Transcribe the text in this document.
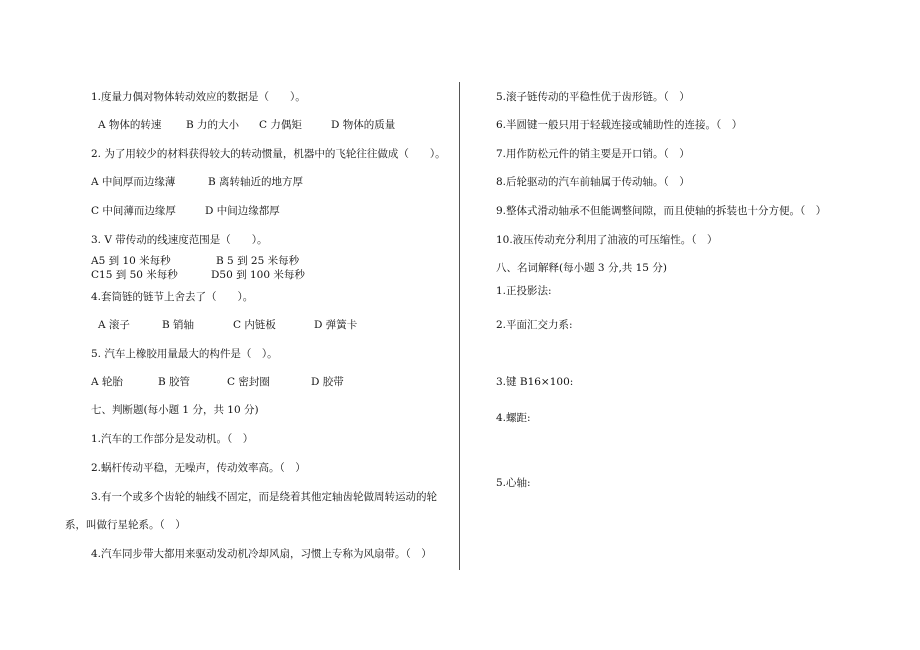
1.度量力偶对物体转动效应的数据是（　　）。
A 物体的转速 B 力的大小 C 力偶矩	D 物体的质量
2. 为了用较少的材料获得较大的转动惯量，机器中的飞轮往往做成（　　）。
A 中间厚而边缘薄	B 离转轴近的地方厚
C 中间薄而边缘厚	D 中间边缘都厚
3. V 带传动的线速度范围是（　　）。
A5 到 10 米每秒	B 5 到 25 米每秒
C15 到 50 米每秒	D50 到 100 米每秒
4.套筒链的链节上舍去了（　　）。
A 滚子	B 销轴	C 内链板	D 弹簧卡
5. 汽车上橡胶用量最大的构件是（　）。
A 轮胎	B 胶管	C 密封圈	D 胶带
七、判断题(每小题 1 分，共 10 分)
1.汽车的工作部分是发动机。（　）
2.蜗杆传动平稳，无噪声，传动效率高。（　）
3.有一个或多个齿轮的轴线不固定，而是绕着其他定轴齿轮做周转运动的轮
系，叫做行星轮系。（　）
4.汽车同步带大都用来驱动发动机冷却风扇，习惯上专称为风扇带。（　）
5.滚子链传动的平稳性优于齿形链。（　）
6.半圆键一般只用于轻载连接或辅助性的连接。（　）
7.用作防松元件的销主要是开口销。（　）
8.后轮驱动的汽车前轴属于传动轴。（　）
9.整体式滑动轴承不但能调整间隙，而且使轴的拆装也十分方便。（　）
10.液压传动充分利用了油液的可压缩性。（　）
八、名词解释(每小题 3 分,共 15 分)
1.正投影法:
2.平面汇交力系:
3.键 B16×100:
4.螺距:
5.心轴:
